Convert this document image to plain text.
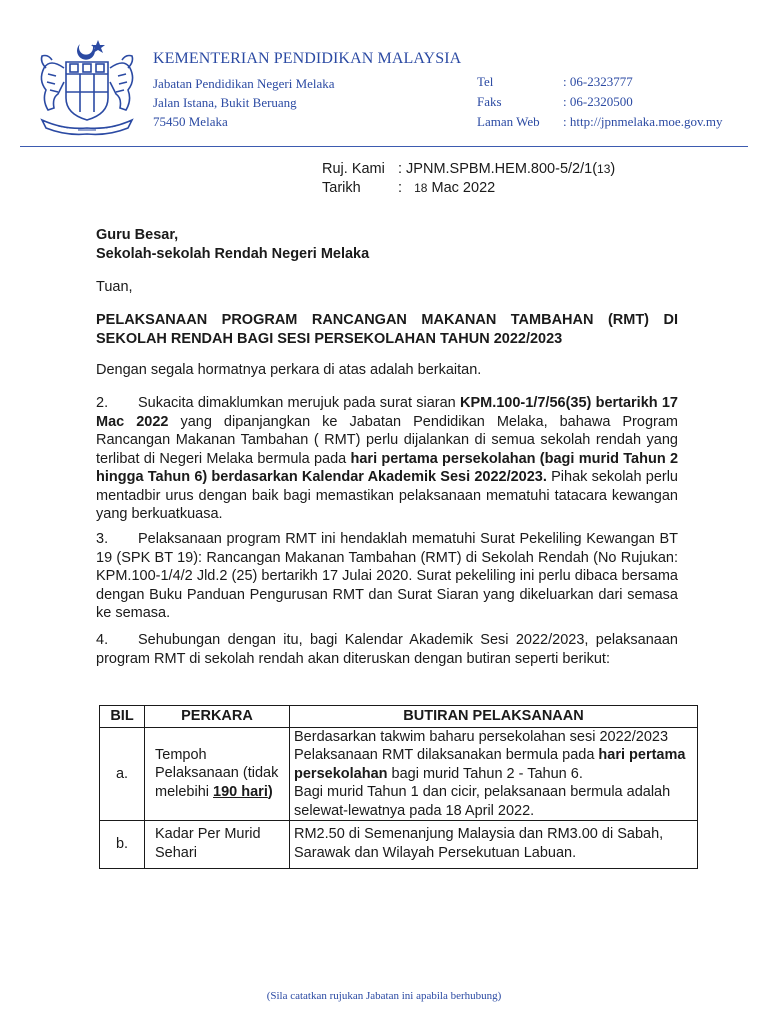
KEMENTERIAN PENDIDIKAN MALAYSIA
Jabatan Pendidikan Negeri Melaka
Jalan Istana, Bukit Beruang
75450 Melaka
Tel	: 06-2323777
Faks	: 06-2320500
Laman Web	: http://jpnmelaka.moe.gov.my
Ruj. Kami : JPNM.SPBM.HEM.800-5/2/1(13)
Tarikh	: 18 Mac 2022
Guru Besar,
Sekolah-sekolah Rendah Negeri Melaka
Tuan,
PELAKSANAAN PROGRAM RANCANGAN MAKANAN TAMBAHAN (RMT) DI SEKOLAH RENDAH BAGI SESI PERSEKOLAHAN TAHUN 2022/2023
Dengan segala hormatnya perkara di atas adalah berkaitan.
2. Sukacita dimaklumkan merujuk pada surat siaran KPM.100-1/7/56(35) bertarikh 17 Mac 2022 yang dipanjangkan ke Jabatan Pendidikan Melaka, bahawa Program Rancangan Makanan Tambahan ( RMT) perlu dijalankan di semua sekolah rendah yang terlibat di Negeri Melaka bermula pada hari pertama persekolahan (bagi murid Tahun 2 hingga Tahun 6) berdasarkan Kalendar Akademik Sesi 2022/2023. Pihak sekolah perlu mentadbir urus dengan baik bagi memastikan pelaksanaan mematuhi tatacara kewangan yang berkuatkuasa.
3. Pelaksanaan program RMT ini hendaklah mematuhi Surat Pekeliling Kewangan BT 19 (SPK BT 19): Rancangan Makanan Tambahan (RMT) di Sekolah Rendah (No Rujukan: KPM.100-1/4/2 Jld.2 (25) bertarikh 17 Julai 2020. Surat pekeliling ini perlu dibaca bersama dengan Buku Panduan Pengurusan RMT dan Surat Siaran yang dikeluarkan dari semasa ke semasa.
4. Sehubungan dengan itu, bagi Kalendar Akademik Sesi 2022/2023, pelaksanaan program RMT di sekolah rendah akan diteruskan dengan butiran seperti berikut:
BIL	PERKARA	BUTIRAN PELAKSANAAN
a.	Tempoh Pelaksanaan (tidak melebihi 190 hari)	Berdasarkan takwim baharu persekolahan sesi 2022/2023 Pelaksanaan RMT dilaksanakan bermula pada hari pertama persekolahan bagi murid Tahun 2 - Tahun 6.
Bagi murid Tahun 1 dan cicir, pelaksanaan bermula adalah selewat-lewatnya pada 18 April 2022.

b.	Kadar Per Murid Sehari	RM2.50 di Semenanjung Malaysia dan RM3.00 di Sabah, Sarawak dan Wilayah Persekutuan Labuan.
(Sila catatkan rujukan Jabatan ini apabila berhubung)
